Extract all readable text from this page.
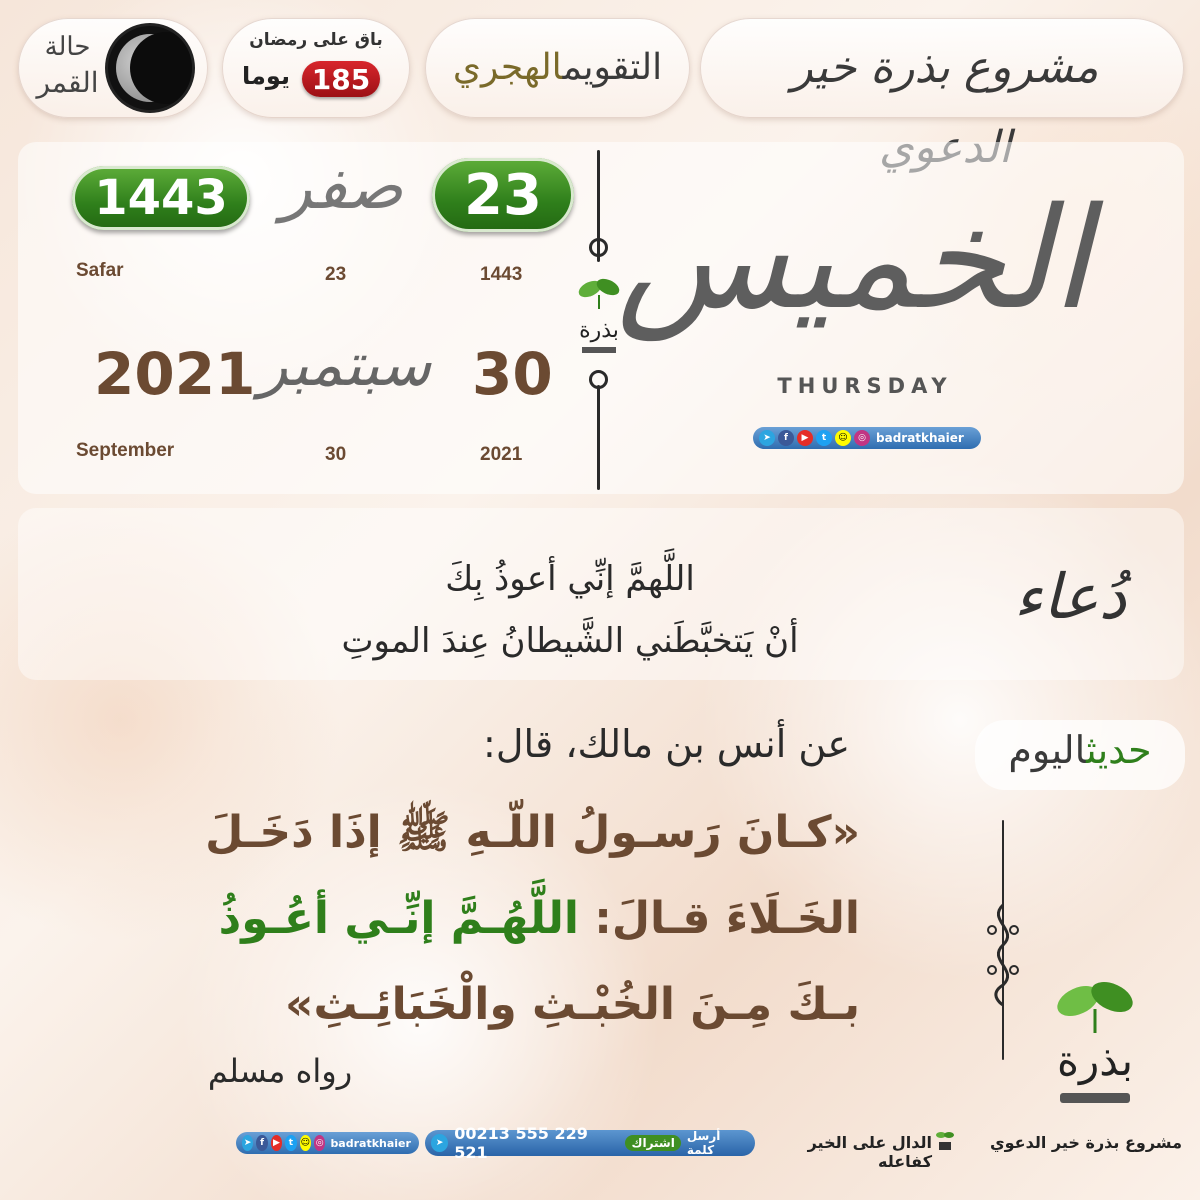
مشروع بذرة خير
التقويمالهجري
باق على رمضان
185
يوما
حالة
القمر
23
صفر
1443
Safar	23	1443
30
سبتمبر
2021
September	30	2021
بذرة
الخميس
THURSDAY
➤	f	▶	t	☺	◎ badratkhaier
اللَّهمَّ إنِّي أعوذُ بِكَ
أنْ يَتخبَّطَني الشَّيطانُ عِندَ الموتِ
دُعاء
حديثاليوم
عن أنس بن مالك، قال:
«كـانَ رَسـولُ اللّـهِ ﷺ إذَا دَخَـلَ
الخَـلَاءَ قـالَ: اللَّهُـمَّ إنِّـي أعُـوذُ
بـكَ مِـنَ الخُبْـثِ والْخَبَائِـثِ»
رواه مسلم	بذرة
مشروع بذرة خير الدعوي
الدال على الخير كفاعله
➤ 00213 555 229 521	اشتراك	أرسل كلمة
➤ f ▶ t ☺ ◎ badratkhaier
